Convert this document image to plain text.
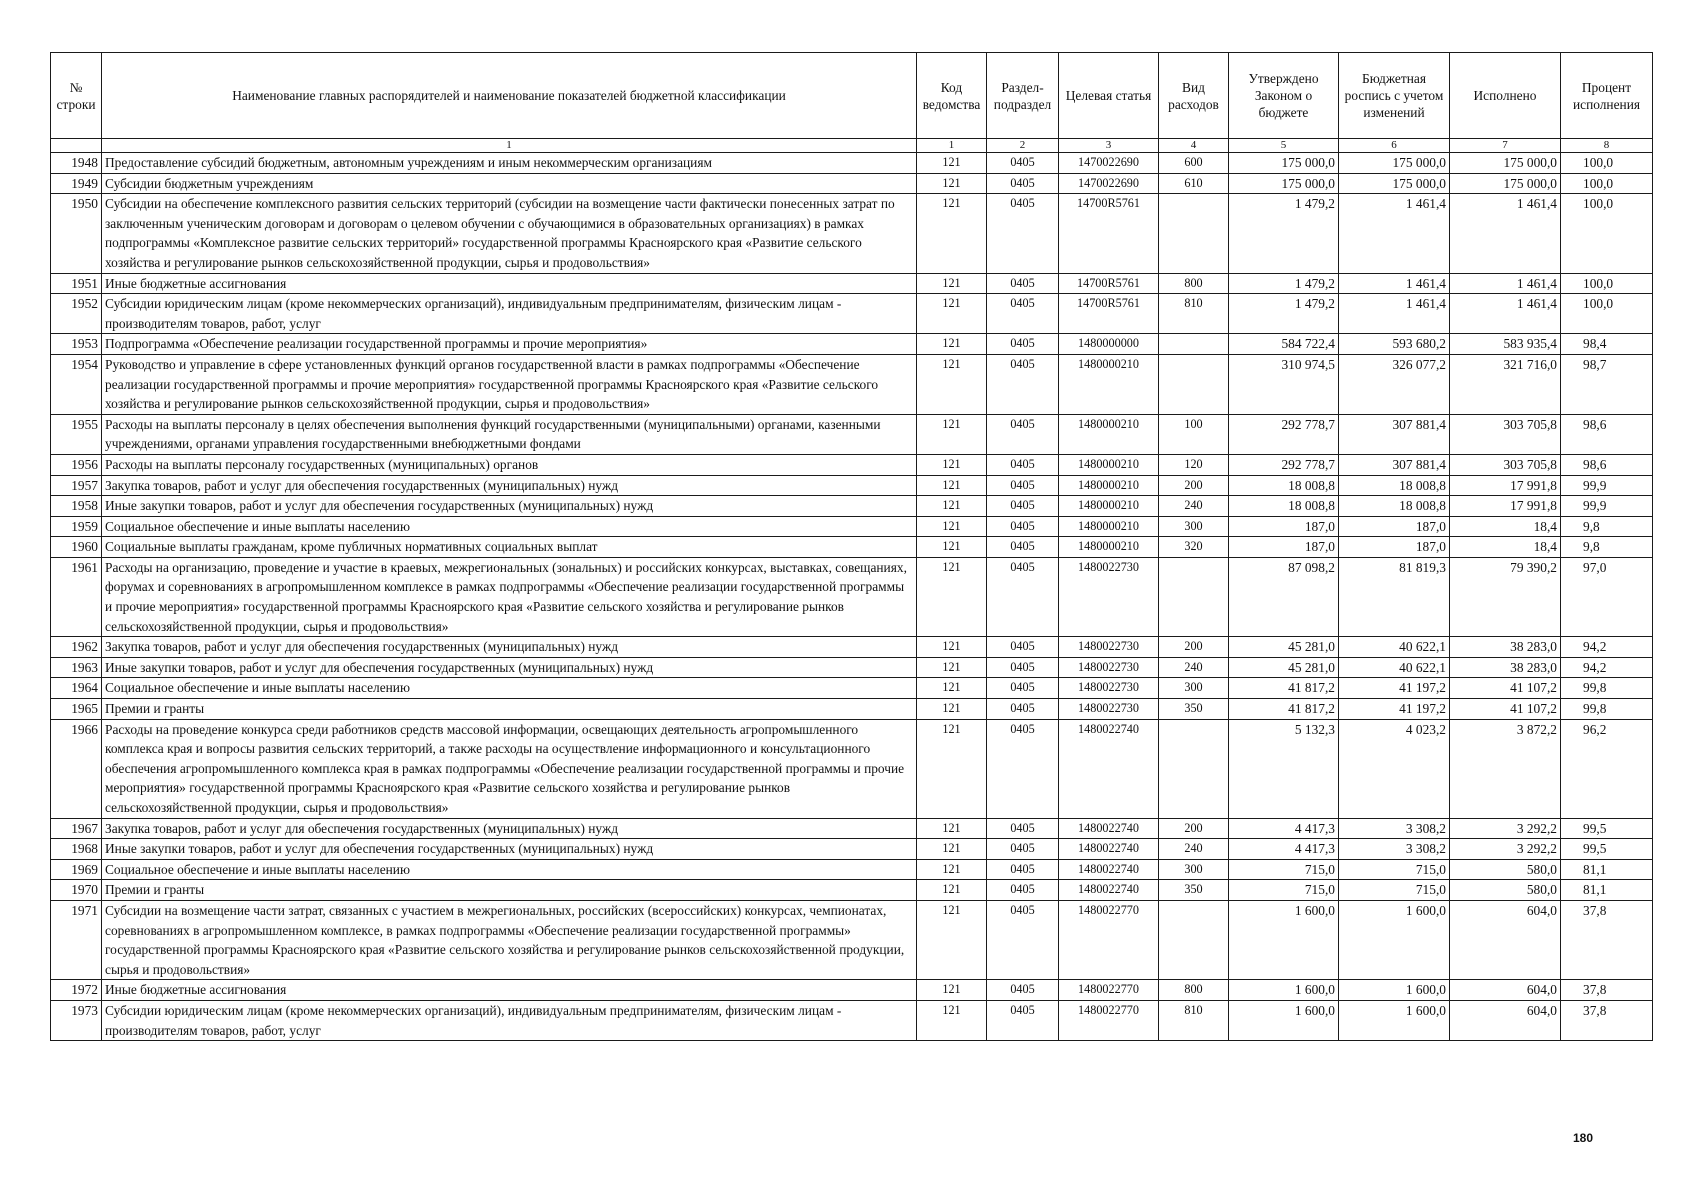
№ строки	Наименование главных распорядителей и наименование показателей бюджетной классификации	Код ведомства	Раздел-подраздел	Целевая статья	Вид расходов	Утверждено Законом о бюджете	Бюджетная роспись с учетом изменений	Исполнено	Процент исполнения
	1	1	2	3	4	5	6	7	8
1948	Предоставление субсидий бюджетным, автономным учреждениям и иным некоммерческим организациям	121	0405	1470022690	600	175 000,0	175 000,0	175 000,0	100,0
1949	Субсидии бюджетным учреждениям	121	0405	1470022690	610	175 000,0	175 000,0	175 000,0	100,0
1950	Субсидии на обеспечение комплексного развития сельских территорий (субсидии на возмещение части фактически понесенных затрат по заключенным ученическим договорам и договорам о целевом обучении с обучающимися в образовательных организациях) в рамках подпрограммы «Комплексное развитие сельских территорий» государственной программы Красноярского края «Развитие сельского хозяйства и регулирование рынков сельскохозяйственной продукции, сырья и продовольствия»	121	0405	14700R5761		1 479,2	1 461,4	1 461,4	100,0
1951	Иные бюджетные ассигнования	121	0405	14700R5761	800	1 479,2	1 461,4	1 461,4	100,0
1952	Субсидии юридическим лицам (кроме некоммерческих организаций), индивидуальным предпринимателям, физическим лицам - производителям товаров, работ, услуг	121	0405	14700R5761	810	1 479,2	1 461,4	1 461,4	100,0
1953	Подпрограмма «Обеспечение реализации государственной программы и прочие мероприятия»	121	0405	1480000000		584 722,4	593 680,2	583 935,4	98,4
1954	Руководство и управление в сфере установленных функций органов государственной власти в рамках подпрограммы «Обеспечение реализации государственной программы и прочие мероприятия» государственной программы Красноярского края «Развитие сельского хозяйства и регулирование рынков сельскохозяйственной продукции, сырья и продовольствия»	121	0405	1480000210		310 974,5	326 077,2	321 716,0	98,7
1955	Расходы на выплаты персоналу в целях обеспечения выполнения функций государственными (муниципальными) органами, казенными учреждениями, органами управления государственными внебюджетными фондами	121	0405	1480000210	100	292 778,7	307 881,4	303 705,8	98,6
1956	Расходы на выплаты персоналу государственных (муниципальных) органов	121	0405	1480000210	120	292 778,7	307 881,4	303 705,8	98,6
1957	Закупка товаров, работ и услуг для обеспечения государственных (муниципальных) нужд	121	0405	1480000210	200	18 008,8	18 008,8	17 991,8	99,9
1958	Иные закупки товаров, работ и услуг для обеспечения государственных (муниципальных) нужд	121	0405	1480000210	240	18 008,8	18 008,8	17 991,8	99,9
1959	Социальное обеспечение и иные выплаты населению	121	0405	1480000210	300	187,0	187,0	18,4	9,8
1960	Социальные выплаты гражданам, кроме публичных нормативных социальных выплат	121	0405	1480000210	320	187,0	187,0	18,4	9,8
1961	Расходы на организацию, проведение и участие в краевых, межрегиональных (зональных) и российских конкурсах, выставках, совещаниях, форумах и соревнованиях в агропромышленном комплексе в рамках подпрограммы «Обеспечение реализации государственной программы и прочие мероприятия» государственной программы Красноярского края «Развитие сельского хозяйства и регулирование рынков сельскохозяйственной продукции, сырья и продовольствия»	121	0405	1480022730		87 098,2	81 819,3	79 390,2	97,0
1962	Закупка товаров, работ и услуг для обеспечения государственных (муниципальных) нужд	121	0405	1480022730	200	45 281,0	40 622,1	38 283,0	94,2
1963	Иные закупки товаров, работ и услуг для обеспечения государственных (муниципальных) нужд	121	0405	1480022730	240	45 281,0	40 622,1	38 283,0	94,2
1964	Социальное обеспечение и иные выплаты населению	121	0405	1480022730	300	41 817,2	41 197,2	41 107,2	99,8
1965	Премии и гранты	121	0405	1480022730	350	41 817,2	41 197,2	41 107,2	99,8
1966	Расходы на проведение конкурса среди работников средств массовой информации, освещающих деятельность агропромышленного комплекса края и вопросы развития сельских территорий, а также расходы на осуществление информационного и консультационного обеспечения агропромышленного комплекса края в рамках подпрограммы «Обеспечение реализации государственной программы и прочие мероприятия» государственной программы Красноярского края «Развитие сельского хозяйства и регулирование рынков сельскохозяйственной продукции, сырья и продовольствия»	121	0405	1480022740		5 132,3	4 023,2	3 872,2	96,2
1967	Закупка товаров, работ и услуг для обеспечения государственных (муниципальных) нужд	121	0405	1480022740	200	4 417,3	3 308,2	3 292,2	99,5
1968	Иные закупки товаров, работ и услуг для обеспечения государственных (муниципальных) нужд	121	0405	1480022740	240	4 417,3	3 308,2	3 292,2	99,5
1969	Социальное обеспечение и иные выплаты населению	121	0405	1480022740	300	715,0	715,0	580,0	81,1
1970	Премии и гранты	121	0405	1480022740	350	715,0	715,0	580,0	81,1
1971	Субсидии на возмещение части затрат, связанных с участием в межрегиональных, российских (всероссийских) конкурсах, чемпионатах, соревнованиях в агропромышленном комплексе, в рамках подпрограммы «Обеспечение реализации государственной программы» государственной программы Красноярского края «Развитие сельского хозяйства и регулирование рынков сельскохозяйственной продукции, сырья и продовольствия»	121	0405	1480022770		1 600,0	1 600,0	604,0	37,8
1972	Иные бюджетные ассигнования	121	0405	1480022770	800	1 600,0	1 600,0	604,0	37,8
1973	Субсидии юридическим лицам (кроме некоммерческих организаций), индивидуальным предпринимателям, физическим лицам - производителям товаров, работ, услуг	121	0405	1480022770	810	1 600,0	1 600,0	604,0	37,8
180
